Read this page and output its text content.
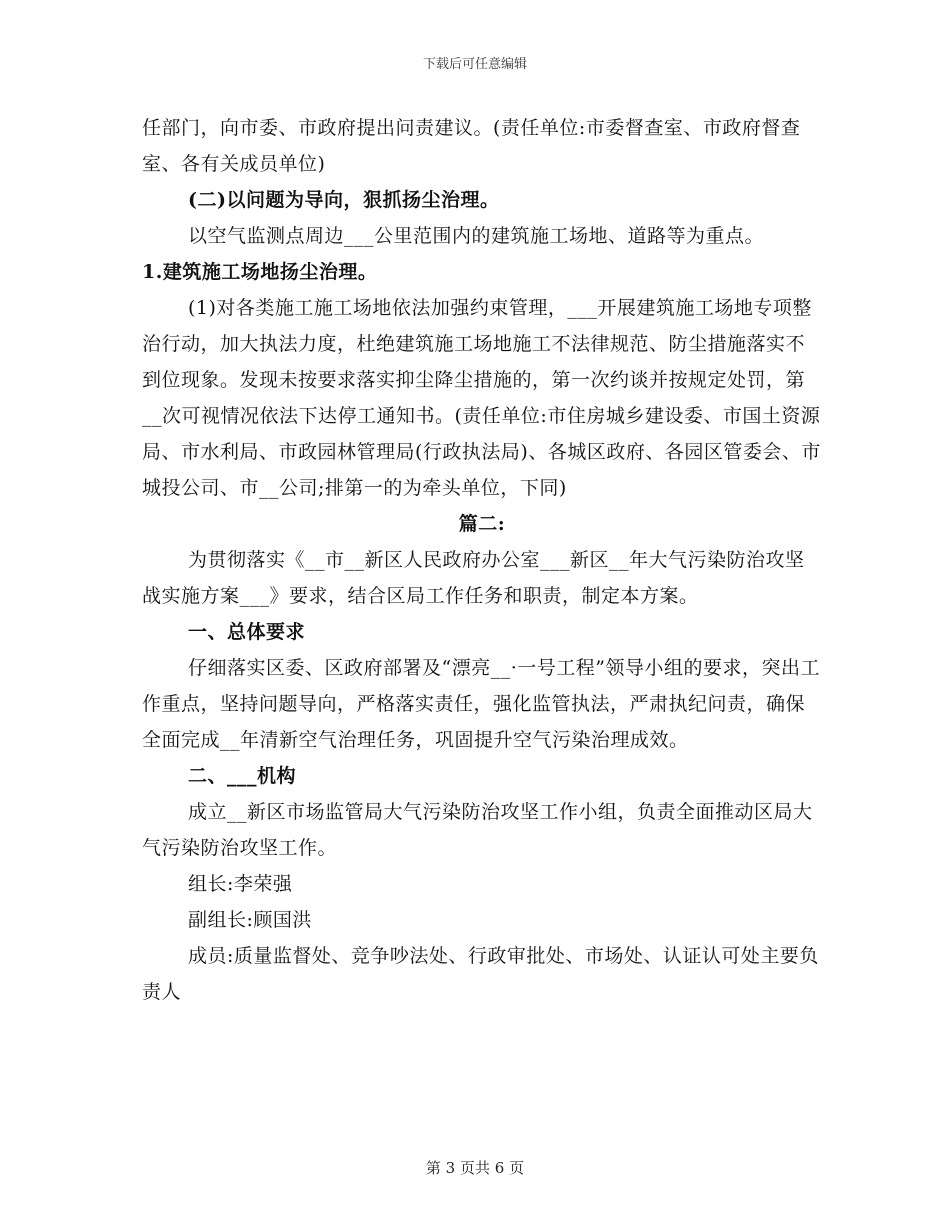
下载后可任意编辑

任部门，向市委、市政府提出问责建议。(责任单位:市委督查室、市政府督查室、各有关成员单位)

(二)以问题为导向，狠抓扬尘治理。

以空气监测点周边___公里范围内的建筑施工场地、道路等为重点。

1.建筑施工场地扬尘治理。

(1)对各类施工施工场地依法加强约束管理，___开展建筑施工场地专项整治行动，加大执法力度，杜绝建筑施工场地施工不法律规范、防尘措施落实不到位现象。发现未按要求落实抑尘降尘措施的，第一次约谈并按规定处罚，第__次可视情况依法下达停工通知书。(责任单位:市住房城乡建设委、市国土资源局、市水利局、市政园林管理局(行政执法局)、各城区政府、各园区管委会、市城投公司、市__公司;排第一的为牵头单位，下同)

篇二:

为贯彻落实《__市__新区人民政府办公室___新区__年大气污染防治攻坚战实施方案___》要求，结合区局工作任务和职责，制定本方案。

一、总体要求

仔细落实区委、区政府部署及“漂亮__·一号工程”领导小组的要求，突出工作重点，坚持问题导向，严格落实责任，强化监管执法，严肃执纪问责，确保全面完成__年清新空气治理任务，巩固提升空气污染治理成效。

二、___机构

成立__新区市场监管局大气污染防治攻坚工作小组，负责全面推动区局大气污染防治攻坚工作。

组长:李荣强

副组长:顾国洪

成员:质量监督处、竞争吵法处、行政审批处、市场处、认证认可处主要负责人

第 3 页共 6 页
